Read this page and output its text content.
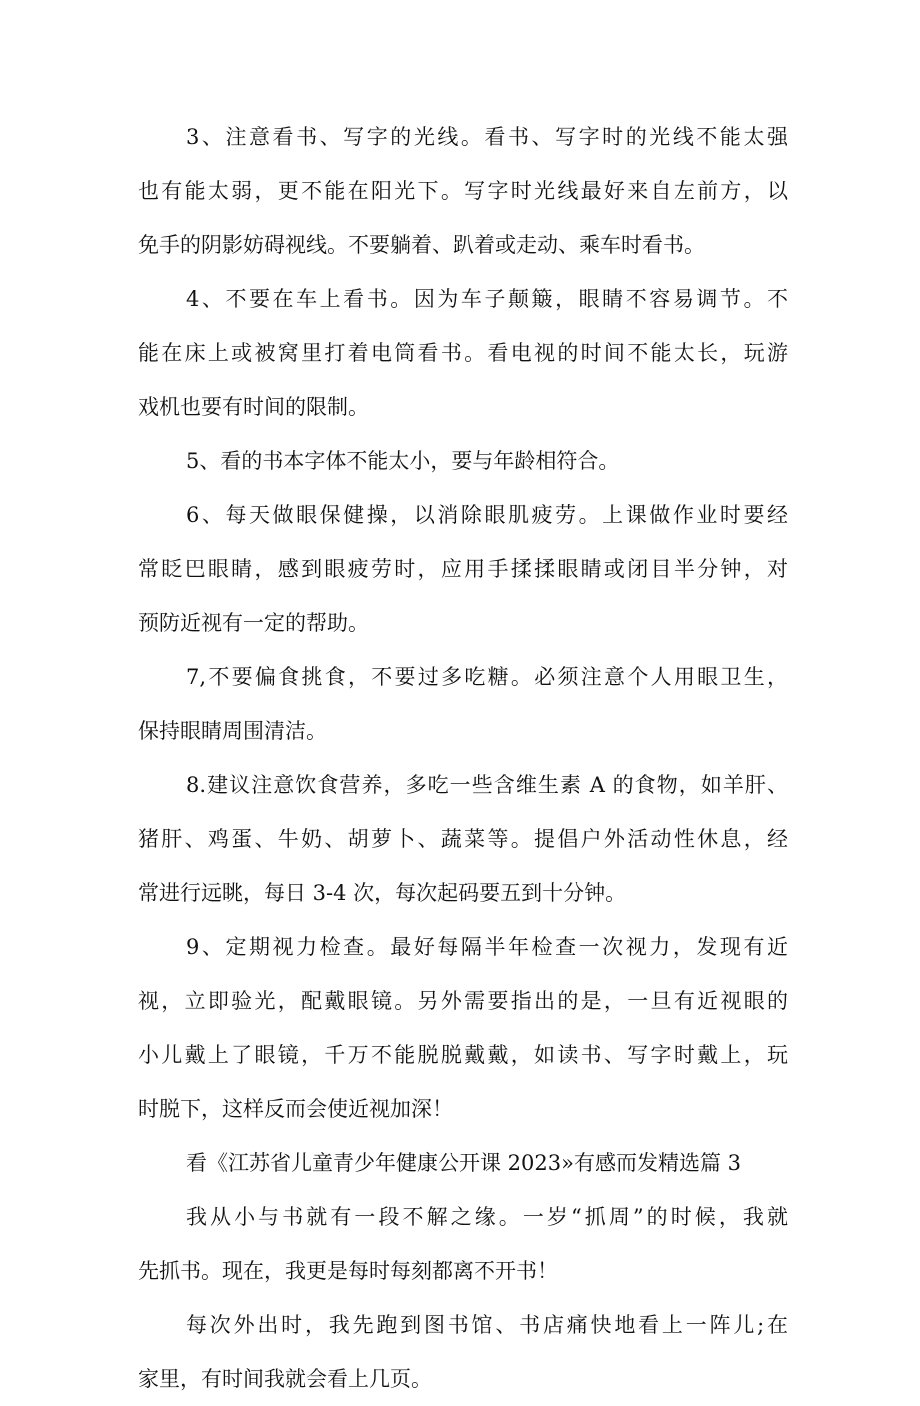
3、注意看书、写字的光线。看书、写字时的光线不能太强
也有能太弱，更不能在阳光下。写字时光线最好来自左前方，以
免手的阴影妨碍视线。不要躺着、趴着或走动、乘车时看书。
4、不要在车上看书。因为车子颠簸，眼睛不容易调节。不
能在床上或被窝里打着电筒看书。看电视的时间不能太长，玩游
戏机也要有时间的限制。
5、看的书本字体不能太小，要与年龄相符合。
6、每天做眼保健操，以消除眼肌疲劳。上课做作业时要经
常眨巴眼睛，感到眼疲劳时，应用手揉揉眼睛或闭目半分钟，对
预防近视有一定的帮助。
7,不要偏食挑食，不要过多吃糖。必须注意个人用眼卫生，
保持眼睛周围清洁。
8.建议注意饮食营养，多吃一些含维生素 A 的食物，如羊肝、
猪肝、鸡蛋、牛奶、胡萝卜、蔬菜等。提倡户外活动性休息，经
常进行远眺，每日 3-4 次，每次起码要五到十分钟。
9、定期视力检查。最好每隔半年检查一次视力，发现有近
视，立即验光，配戴眼镜。另外需要指出的是，一旦有近视眼的
小儿戴上了眼镜，千万不能脱脱戴戴，如读书、写字时戴上，玩
时脱下，这样反而会使近视加深！
看《江苏省儿童青少年健康公开课 2023»有感而发精选篇 3
我从小与书就有一段不解之缘。一岁“抓周”的时候，我就
先抓书。现在，我更是每时每刻都离不开书！
每次外出时，我先跑到图书馆、书店痛快地看上一阵儿;在
家里，有时间我就会看上几页。
